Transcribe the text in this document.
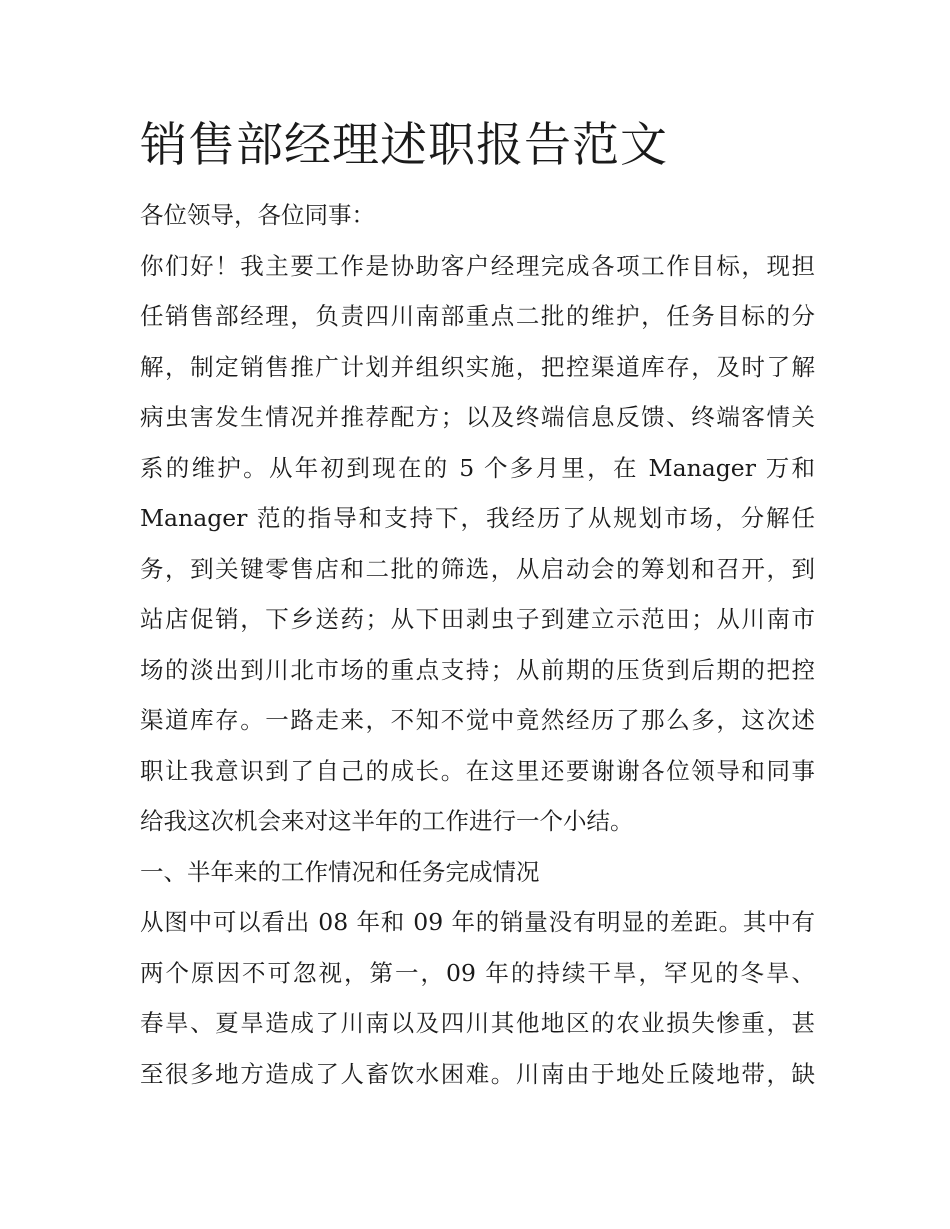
销售部经理述职报告范文

各位领导，各位同事：

你们好！我主要工作是协助客户经理完成各项工作目标，现担
任销售部经理，负责四川南部重点二批的维护，任务目标的分
解，制定销售推广计划并组织实施，把控渠道库存，及时了解
病虫害发生情况并推荐配方；以及终端信息反馈、终端客情关
系的维护。从年初到现在的 5 个多月里，在 Manager 万和
Manager 范的指导和支持下，我经历了从规划市场，分解任
务，到关键零售店和二批的筛选，从启动会的筹划和召开，到
站店促销，下乡送药；从下田剥虫子到建立示范田；从川南市
场的淡出到川北市场的重点支持；从前期的压货到后期的把控
渠道库存。一路走来，不知不觉中竟然经历了那么多，这次述
职让我意识到了自己的成长。在这里还要谢谢各位领导和同事
给我这次机会来对这半年的工作进行一个小结。

一、半年来的工作情况和任务完成情况

从图中可以看出 08 年和 09 年的销量没有明显的差距。其中有
两个原因不可忽视，第一，09 年的持续干旱，罕见的冬旱、
春旱、夏旱造成了川南以及四川其他地区的农业损失惨重，甚
至很多地方造成了人畜饮水困难。川南由于地处丘陵地带，缺
